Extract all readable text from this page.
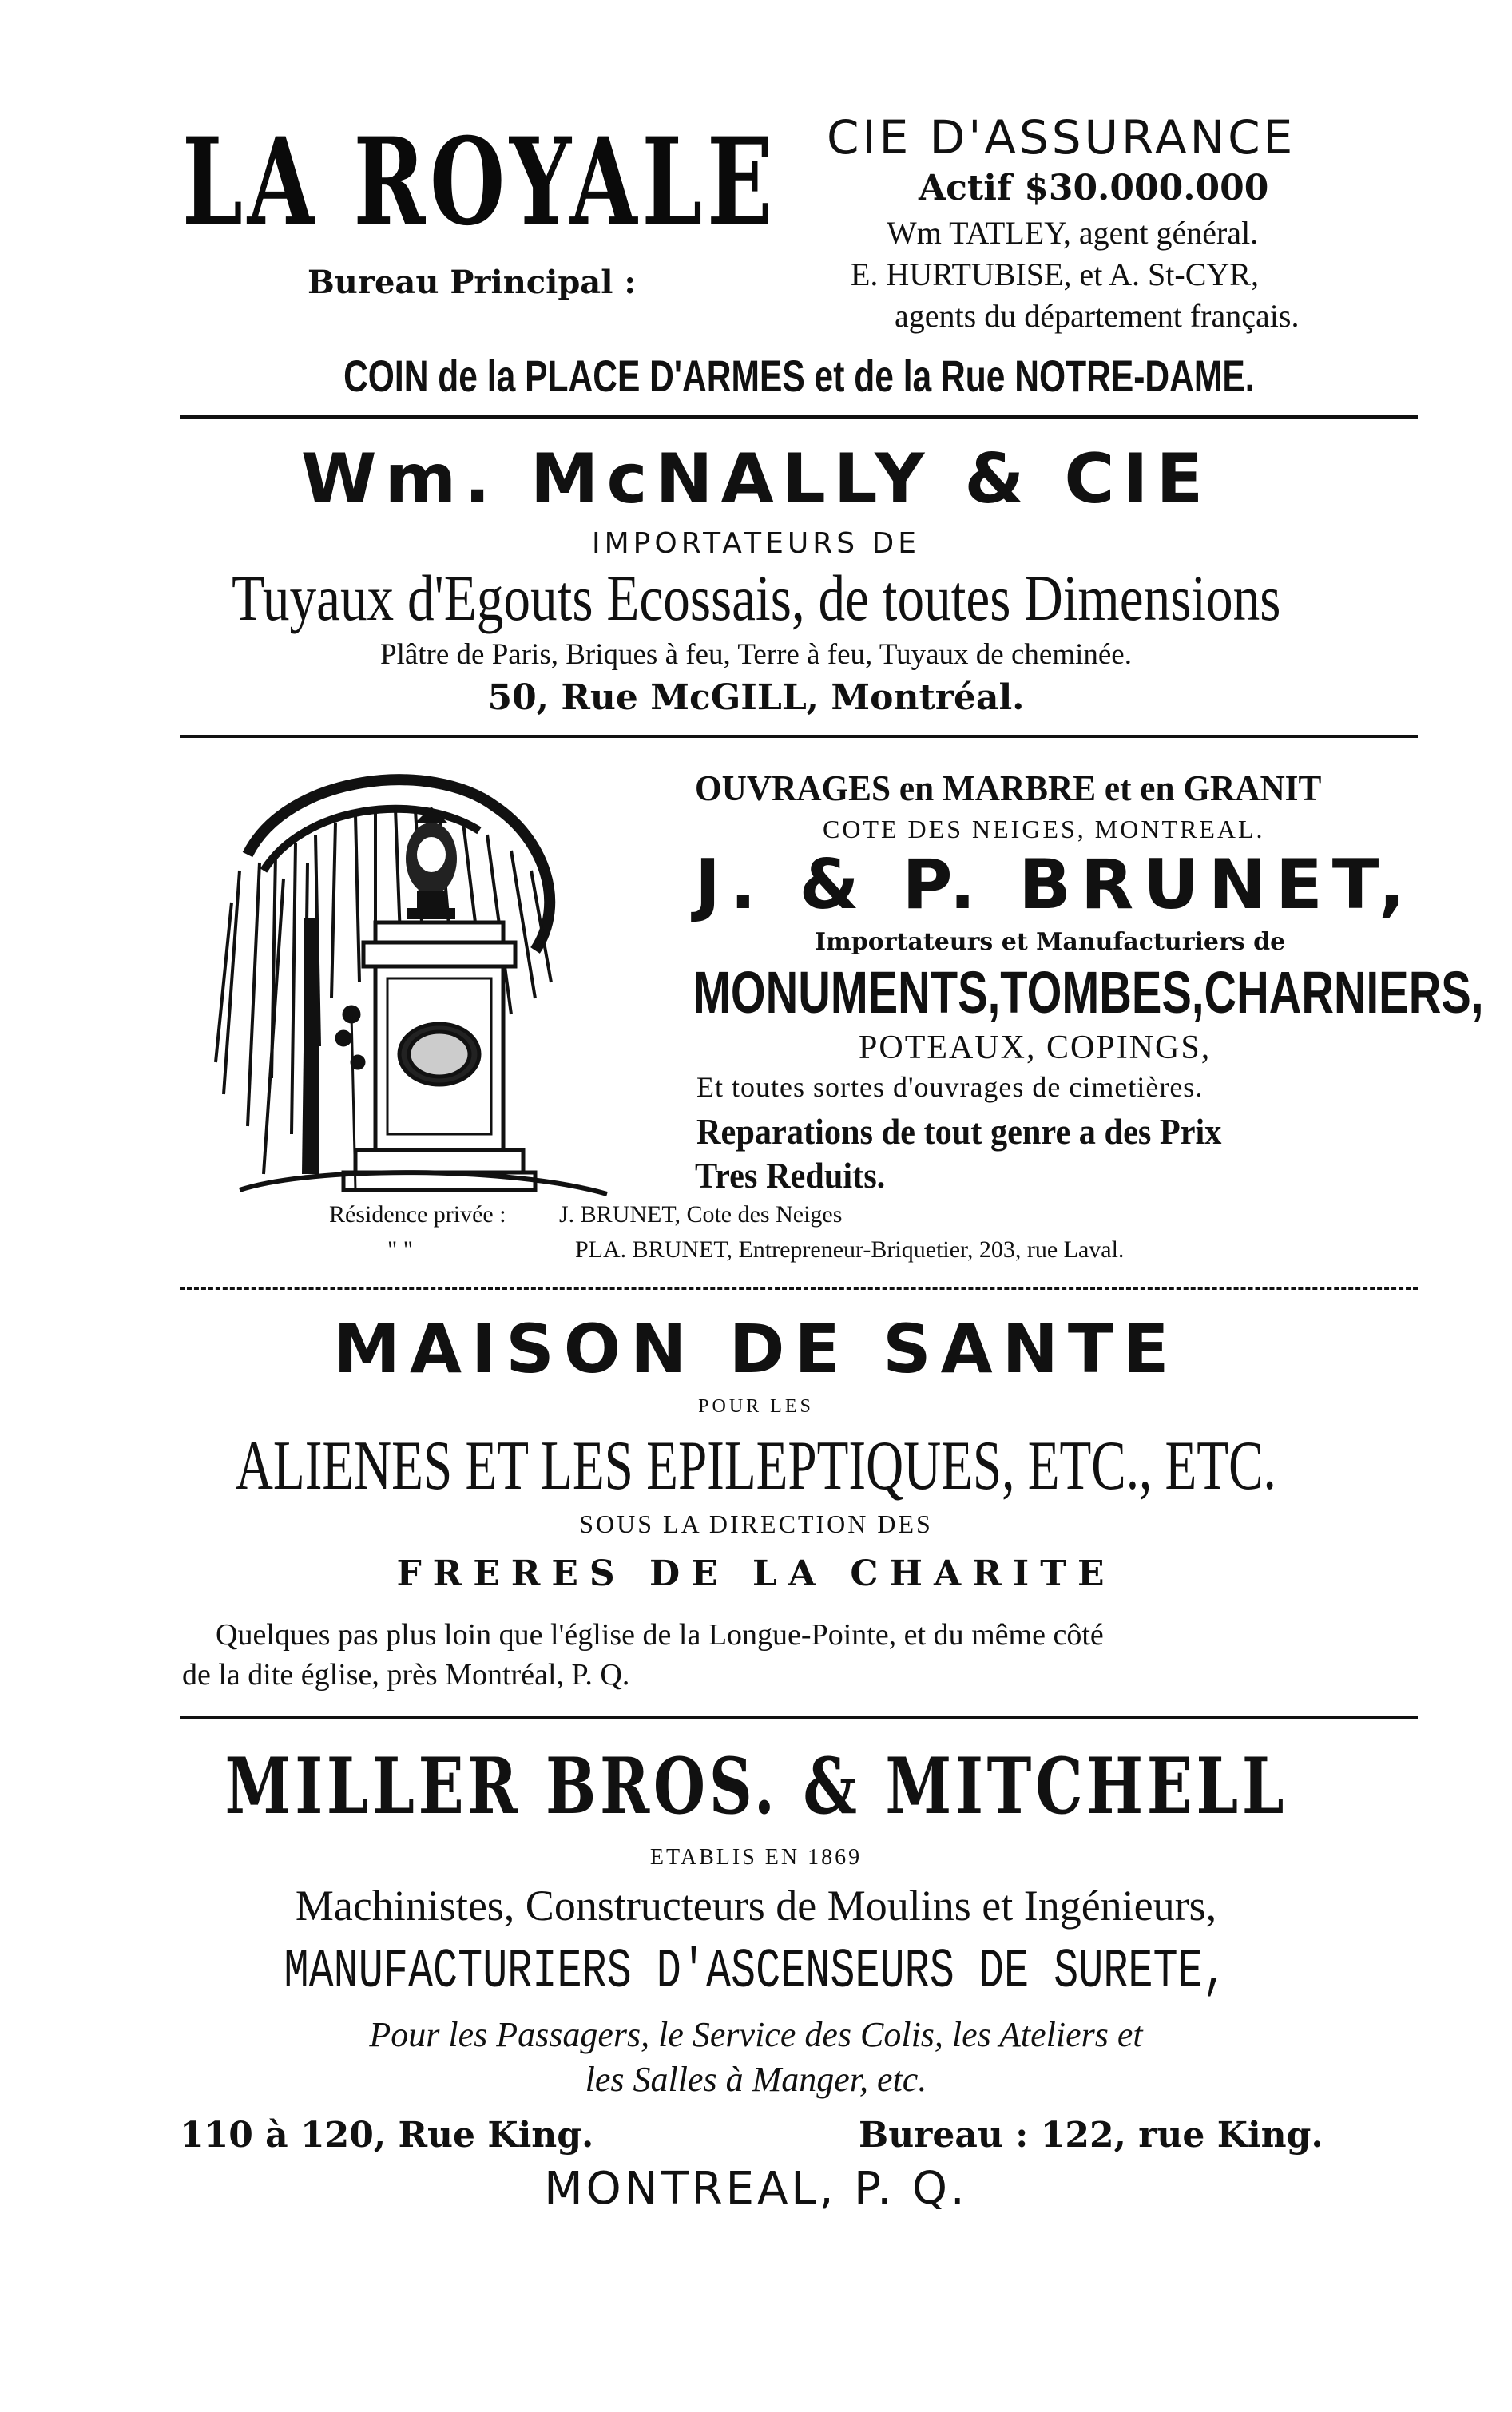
LA ROYALE
Bureau Principal :
CIE D'ASSURANCE
Actif $30.000.000
Wm TATLEY, agent général.
E. HURTUBISE, et A. St-CYR,
agents du département français.
COIN de la PLACE D'ARMES et de la Rue NOTRE-DAME.
Wm. McNALLY & CIE
IMPORTATEURS DE
Tuyaux d'Egouts Ecossais, de toutes Dimensions
Plâtre de Paris, Briques à feu, Terre à feu, Tuyaux de cheminée.
50, Rue McGILL, Montréal.
OUVRAGES en MARBRE et en GRANIT
COTE DES NEIGES, MONTREAL.
J. & P. BRUNET,
Importateurs et Manufacturiers de
MONUMENTS,TOMBES,CHARNIERS,
POTEAUX, COPINGS,
Et toutes sortes d'ouvrages de cimetières.
Reparations de tout genre a des Prix
Tres Reduits.
Résidence privée : J. BRUNET, Cote des Neiges
" "	PLA. BRUNET, Entrepreneur-Briquetier, 203, rue Laval.
MAISON DE SANTE
POUR LES
ALIENES ET LES EPILEPTIQUES, ETC., ETC.
SOUS LA DIRECTION DES
FRERES DE LA CHARITE
Quelques pas plus loin que l'église de la Longue-Pointe, et du même côté
de la dite église, près Montréal, P. Q.
MILLER BROS. & MITCHELL
ETABLIS EN 1869
Machinistes, Constructeurs de Moulins et Ingénieurs,
MANUFACTURIERS D'ASCENSEURS DE SURETE,
Pour les Passagers, le Service des Colis, les Ateliers et
les Salles à Manger, etc.
110 à 120, Rue King.	Bureau : 122, rue King.
MONTREAL, P. Q.
